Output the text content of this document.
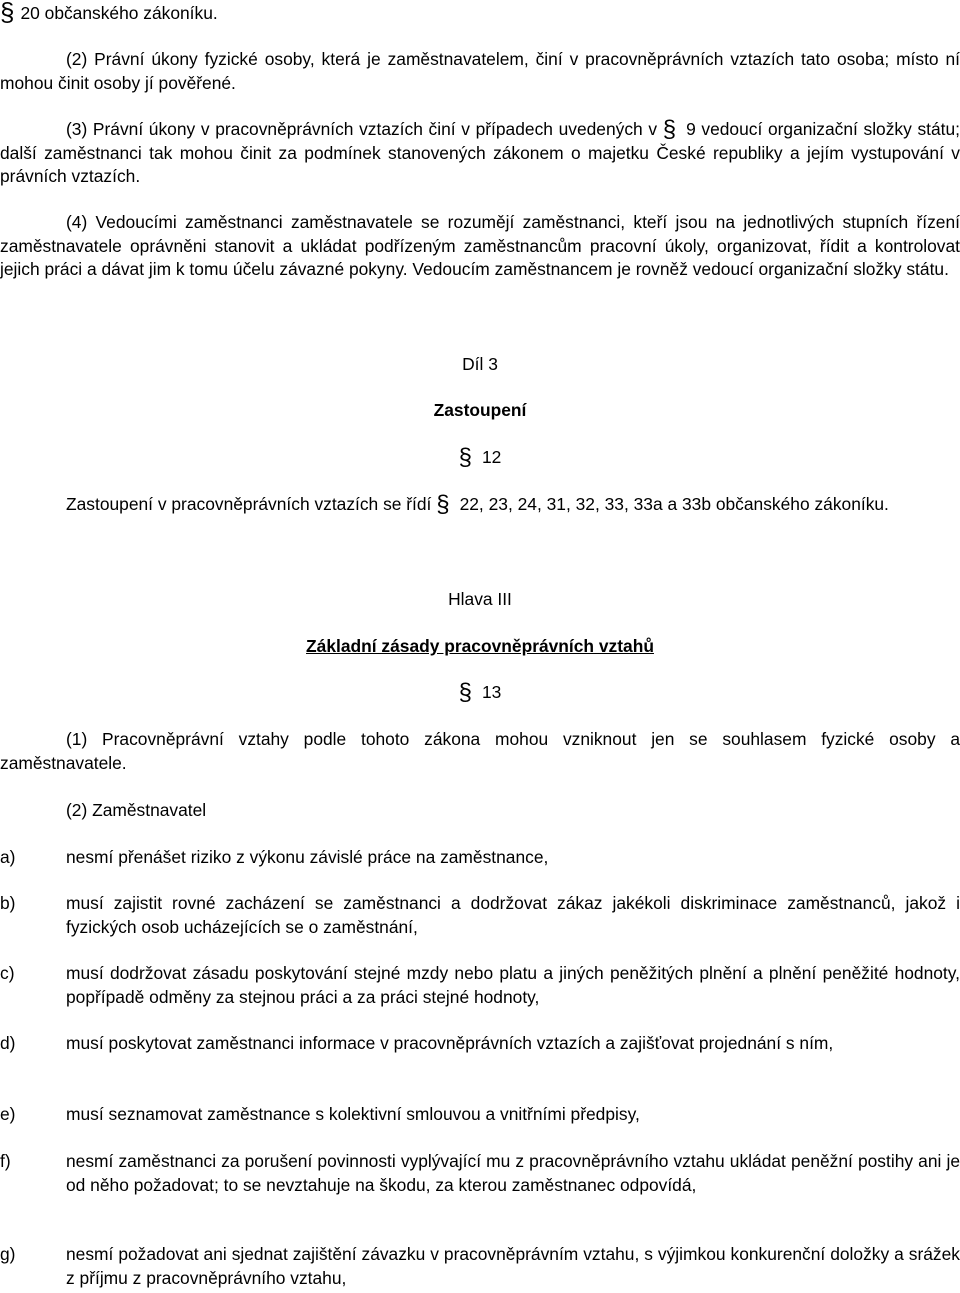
§ 20 občanského zákoníku.
(2) Právní úkony fyzické osoby, která je zaměstnavatelem, činí v pracovněprávních vztazích tato osoba; místo ní mohou činit osoby jí pověřené.
(3) Právní úkony v pracovněprávních vztazích činí v případech uvedených v § 9 vedoucí organizační složky státu; další zaměstnanci tak mohou činit za podmínek stanovených zákonem o majetku České republiky a jejím vystupování v právních vztazích.
(4) Vedoucími zaměstnanci zaměstnavatele se rozumějí zaměstnanci, kteří jsou na jednotlivých stupních řízení zaměstnavatele oprávněni stanovit a ukládat podřízeným zaměstnancům pracovní úkoly, organizovat, řídit a kontrolovat jejich práci a dávat jim k tomu účelu závazné pokyny. Vedoucím zaměstnancem je rovněž vedoucí organizační složky státu.
Díl 3
Zastoupení
§ 12
Zastoupení v pracovněprávních vztazích se řídí § 22, 23, 24, 31, 32, 33, 33a a 33b občanského zákoníku.
Hlava III
Základní zásady pracovněprávních vztahů
§ 13
(1) Pracovněprávní vztahy podle tohoto zákona mohou vzniknout jen se souhlasem fyzické osoby a zaměstnavatele.
(2) Zaměstnavatel
a)	nesmí přenášet riziko z výkonu závislé práce na zaměstnance,
b)	musí zajistit rovné zacházení se zaměstnanci a dodržovat zákaz jakékoli diskriminace zaměstnanců, jakož i fyzických osob ucházejících se o zaměstnání,
c)	musí dodržovat zásadu poskytování stejné mzdy nebo platu a jiných peněžitých plnění a plnění peněžité hodnoty, popřípadě odměny za stejnou práci a za práci stejné hodnoty,
d)	musí poskytovat zaměstnanci informace v pracovněprávních vztazích a zajišťovat projednání s ním,
e)	musí seznamovat zaměstnance s kolektivní smlouvou a vnitřními předpisy,
f)	nesmí zaměstnanci za porušení povinnosti vyplývající mu z pracovněprávního vztahu ukládat peněžní postihy ani je od něho požadovat; to se nevztahuje na škodu, za kterou zaměstnanec odpovídá,
g)	nesmí požadovat ani sjednat zajištění závazku v pracovněprávním vztahu, s výjimkou konkurenční doložky a srážek z příjmu z pracovněprávního vztahu,
